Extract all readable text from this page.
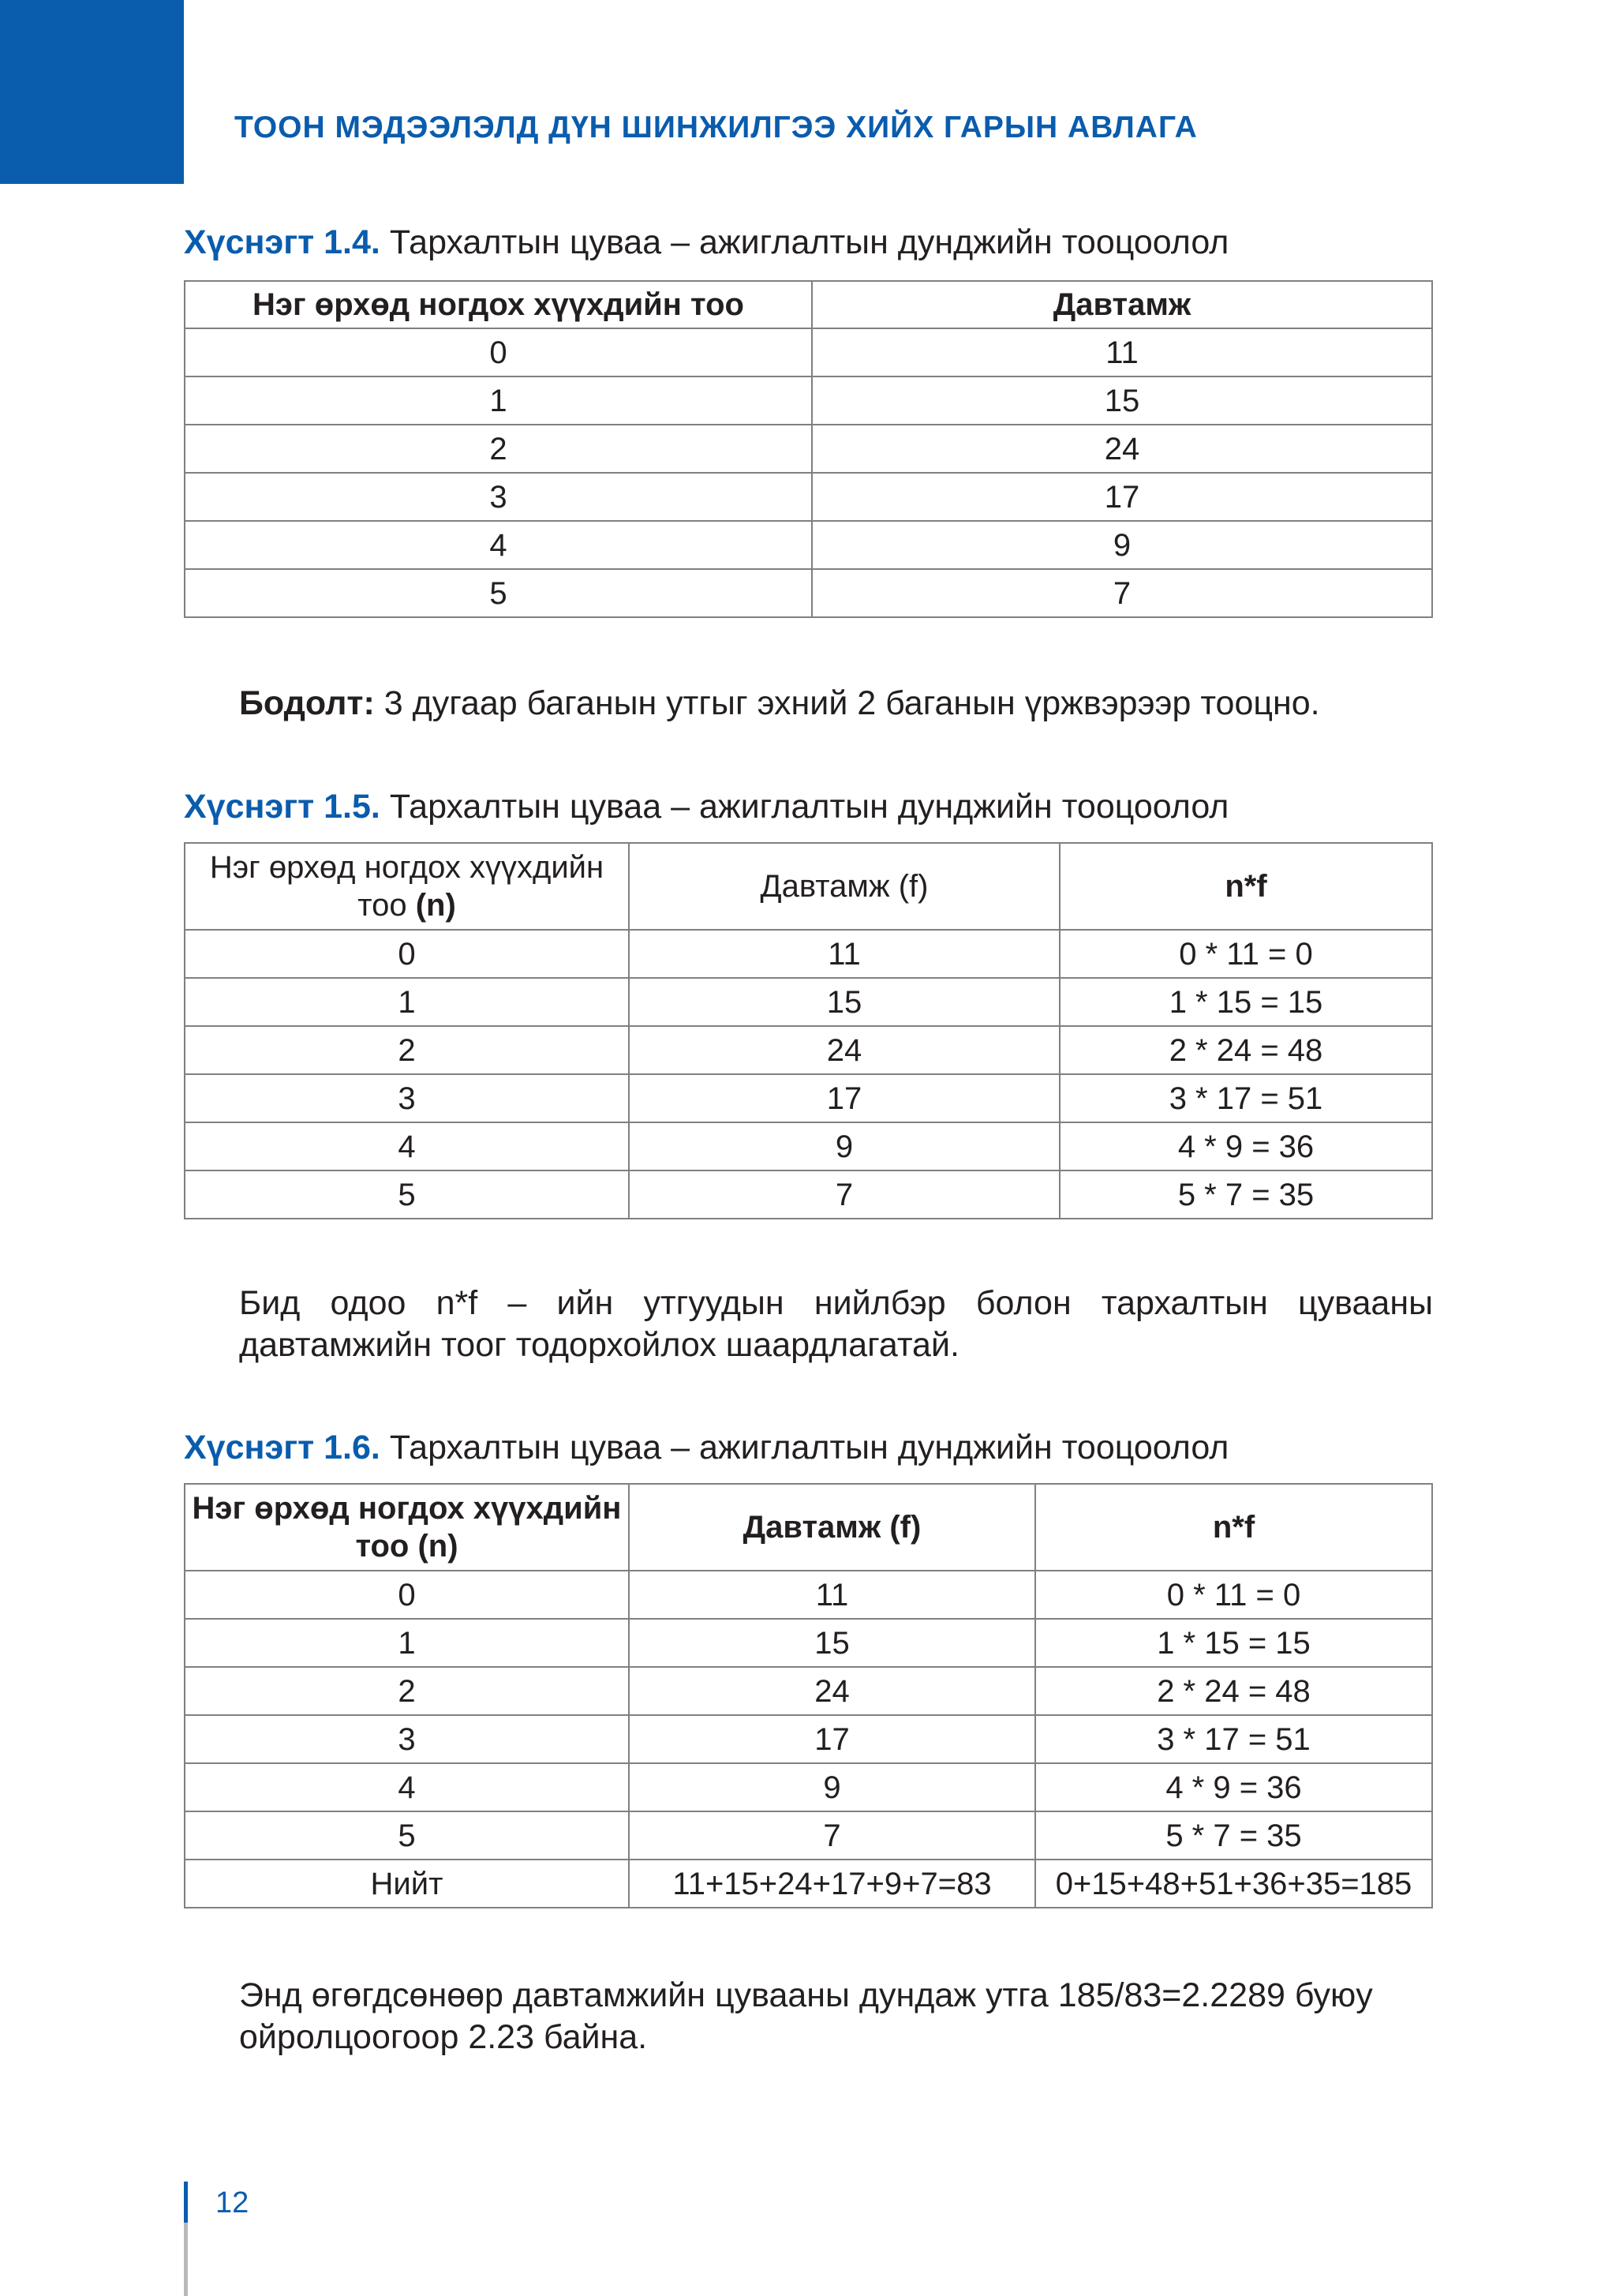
ТООН МЭДЭЭЛЭЛД ДҮН ШИНЖИЛГЭЭ ХИЙХ ГАРЫН АВЛАГА
Хүснэгт 1.4. Тархалтын цуваа – ажиглалтын дунджийн тооцоолол
Нэг өрхөд ногдох хүүхдийн тоо	Давтамж
0	11
1	15
2	24
3	17
4	9
5	7
Бодолт: 3 дугаар баганын утгыг эхний 2 баганын үржвэрээр тооцно.
Хүснэгт 1.5. Тархалтын цуваа – ажиглалтын дунджийн тооцоолол
Нэг өрхөд ногдох хүүхдийн тоо (n)	Давтамж (f)	n*f
0	11	0 * 11 = 0
1	15	1 * 15 = 15
2	24	2 * 24 = 48
3	17	3 * 17 = 51
4	9	4 * 9 = 36
5	7	5 * 7 = 35
Бид одоо n*f – ийн утгуудын нийлбэр болон тархалтын цувааны давтамжийн тоог тодорхойлох шаардлагатай.
Хүснэгт 1.6. Тархалтын цуваа – ажиглалтын дунджийн тооцоолол
Нэг өрхөд ногдох хүүхдийн тоо (n)	Давтамж (f)	n*f
0	11	0 * 11 = 0
1	15	1 * 15 = 15
2	24	2 * 24 = 48
3	17	3 * 17 = 51
4	9	4 * 9 = 36
5	7	5 * 7 = 35
Нийт	11+15+24+17+9+7=83	0+15+48+51+36+35=185
Энд өгөгдсөнөөр давтамжийн цувааны дундаж утга 185/83=2.2289 буюу ойролцоогоор 2.23 байна.
12
